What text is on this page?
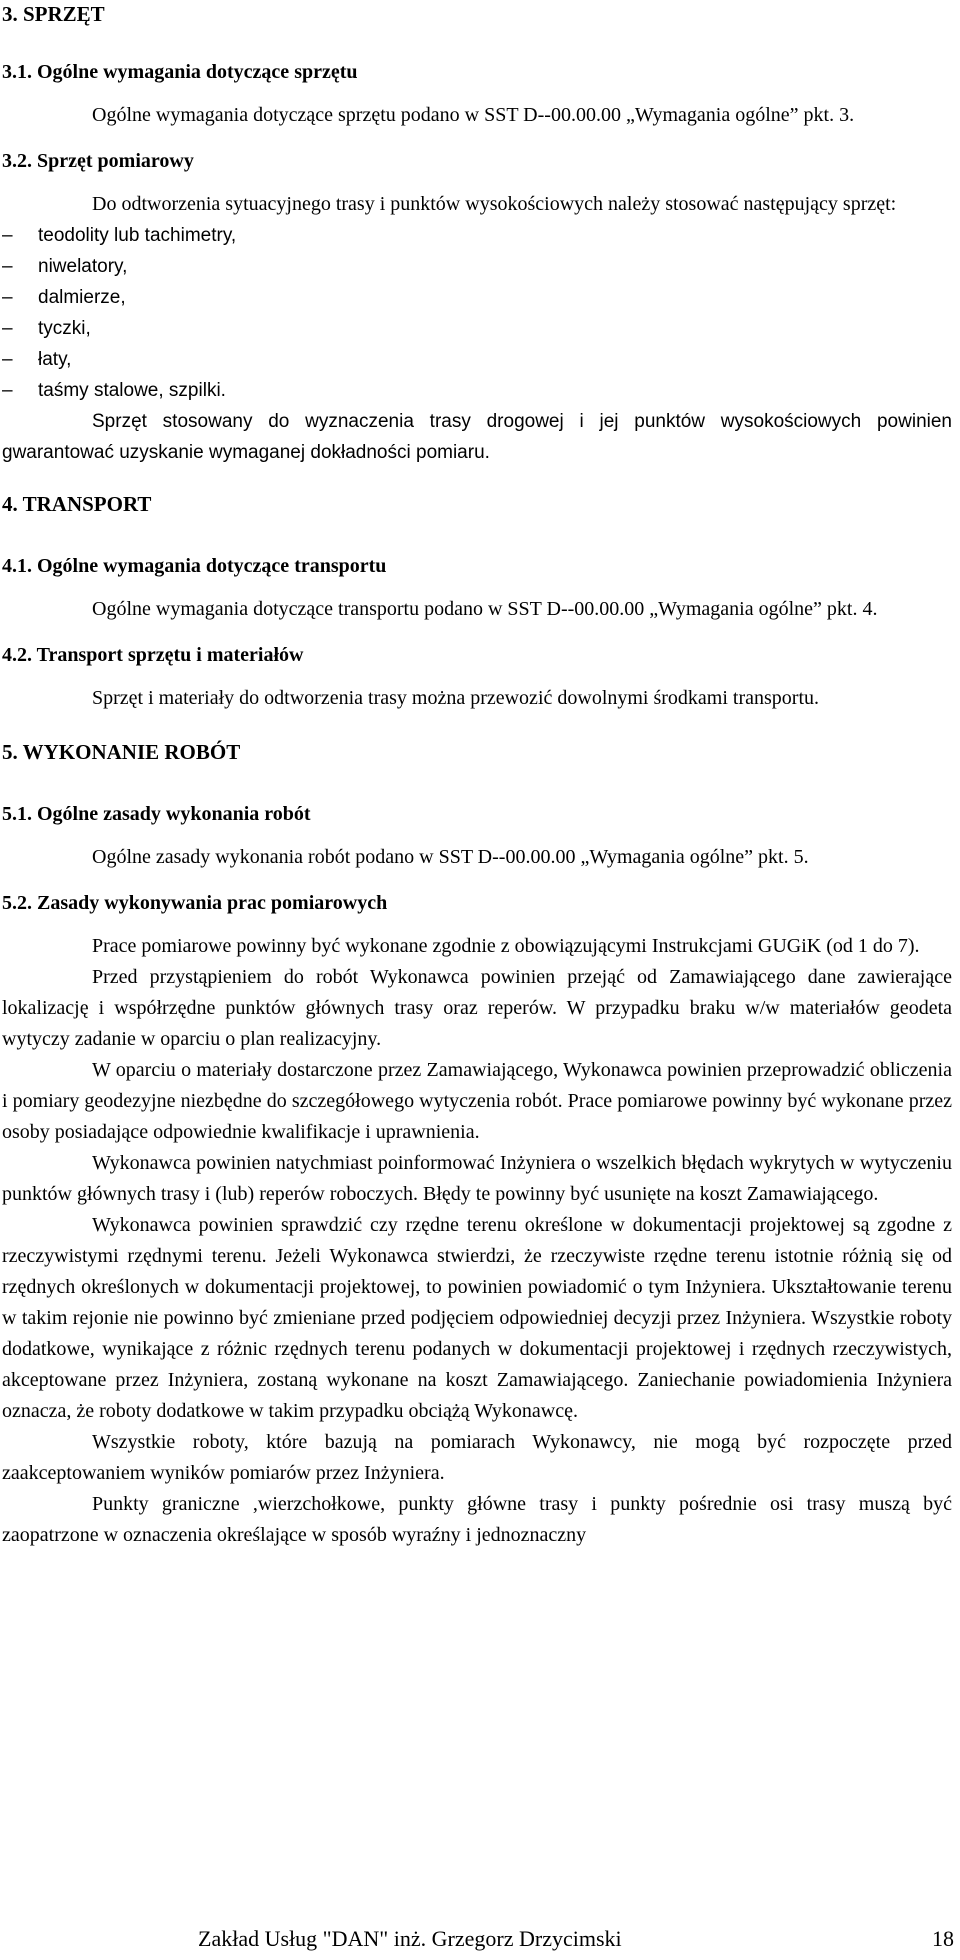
3. SPRZĘT
3.1. Ogólne wymagania dotyczące sprzętu

Ogólne wymagania dotyczące sprzętu podano w SST D--00.00.00 „Wymagania ogólne” pkt. 3.

3.2. Sprzęt pomiarowy

Do odtworzenia sytuacyjnego trasy i punktów wysokościowych należy stosować następujący sprzęt:

– teodolity lub tachimetry,
– niwelatory,
– dalmierze,
– tyczki,
– łaty,
– taśmy stalowe, szpilki.

Sprzęt stosowany do wyznaczenia trasy drogowej i jej punktów wysokościowych powinien gwarantować uzyskanie wymaganej dokładności pomiaru.

4. TRANSPORT
4.1. Ogólne wymagania dotyczące transportu

Ogólne wymagania dotyczące transportu podano w SST D--00.00.00 „Wymagania ogólne” pkt. 4.

4.2. Transport sprzętu i materiałów

Sprzęt i materiały do odtworzenia trasy można przewozić dowolnymi środkami transportu.

5. WYKONANIE ROBÓT
5.1. Ogólne zasady wykonania robót

Ogólne zasady wykonania robót podano w SST D--00.00.00 „Wymagania ogólne” pkt. 5.

5.2. Zasady wykonywania prac pomiarowych

Prace pomiarowe powinny być wykonane zgodnie z obowiązującymi Instrukcjami GUGiK (od 1 do 7).

Przed przystąpieniem do robót Wykonawca powinien przejąć od Zamawiającego dane zawierające lokalizację i współrzędne punktów głównych trasy oraz reperów. W przypadku braku w/w materiałów geodeta wytyczy zadanie w oparciu o plan realizacyjny.

W oparciu o materiały dostarczone przez Zamawiającego, Wykonawca powinien przeprowadzić obliczenia i pomiary geodezyjne niezbędne do szczegółowego wytyczenia robót. Prace pomiarowe powinny być wykonane przez osoby posiadające odpowiednie kwalifikacje i uprawnienia.

Wykonawca powinien natychmiast poinformować Inżyniera o wszelkich błędach wykrytych w wytyczeniu punktów głównych trasy i (lub) reperów roboczych. Błędy te powinny być usunięte na koszt Zamawiającego.

Wykonawca powinien sprawdzić czy rzędne terenu określone w dokumentacji projektowej są zgodne z rzeczywistymi rzędnymi terenu. Jeżeli Wykonawca stwierdzi, że rzeczywiste rzędne terenu istotnie różnią się od rzędnych określonych w dokumentacji projektowej, to powinien powiadomić o tym Inżyniera. Ukształtowanie terenu w takim rejonie nie powinno być zmieniane przed podjęciem odpowiedniej decyzji przez Inżyniera. Wszystkie roboty dodatkowe, wynikające z różnic rzędnych terenu podanych w dokumentacji projektowej i rzędnych rzeczywistych, akceptowane przez Inżyniera, zostaną wykonane na koszt Zamawiającego. Zaniechanie powiadomienia Inżyniera oznacza, że roboty dodatkowe w takim przypadku obciążą Wykonawcę.

Wszystkie roboty, które bazują na pomiarach Wykonawcy, nie mogą być rozpoczęte przed zaakceptowaniem wyników pomiarów przez Inżyniera.

Punkty graniczne ,wierzchołkowe, punkty główne trasy i punkty pośrednie osi trasy muszą być zaopatrzone w oznaczenia określające w sposób wyraźny i jednoznaczny

Zakład Usług "DAN" inż. Grzegorz Drzycimski	18
